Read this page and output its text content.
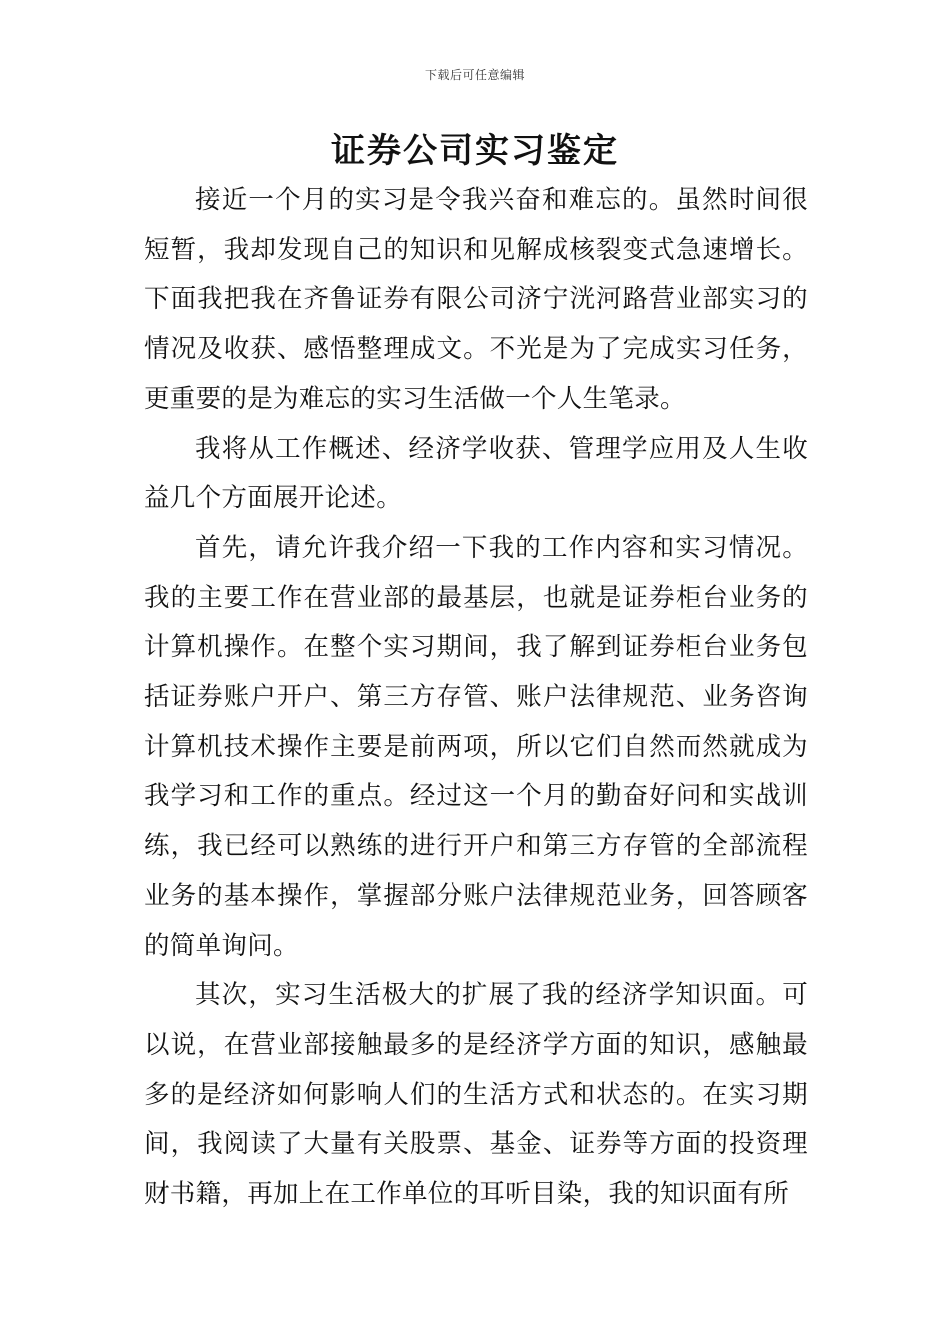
下载后可任意编辑
证券公司实习鉴定

接近一个月的实习是令我兴奋和难忘的。虽然时间很短暂，我却发现自己的知识和见解成核裂变式急速增长。下面我把我在齐鲁证券有限公司济宁洸河路营业部实习的情况及收获、感悟整理成文。不光是为了完成实习任务，更重要的是为难忘的实习生活做一个人生笔录。

我将从工作概述、经济学收获、管理学应用及人生收益几个方面展开论述。

首先，请允许我介绍一下我的工作内容和实习情况。我的主要工作在营业部的最基层，也就是证券柜台业务的计算机操作。在整个实习期间，我了解到证券柜台业务包括证券账户开户、第三方存管、账户法律规范、业务咨询计算机技术操作主要是前两项，所以它们自然而然就成为我学习和工作的重点。经过这一个月的勤奋好问和实战训练，我已经可以熟练的进行开户和第三方存管的全部流程业务的基本操作，掌握部分账户法律规范业务，回答顾客的简单询问。

其次，实习生活极大的扩展了我的经济学知识面。可以说，在营业部接触最多的是经济学方面的知识，感触最多的是经济如何影响人们的生活方式和状态的。在实习期间，我阅读了大量有关股票、基金、证券等方面的投资理财书籍，再加上在工作单位的耳听目染，我的知识面有所
